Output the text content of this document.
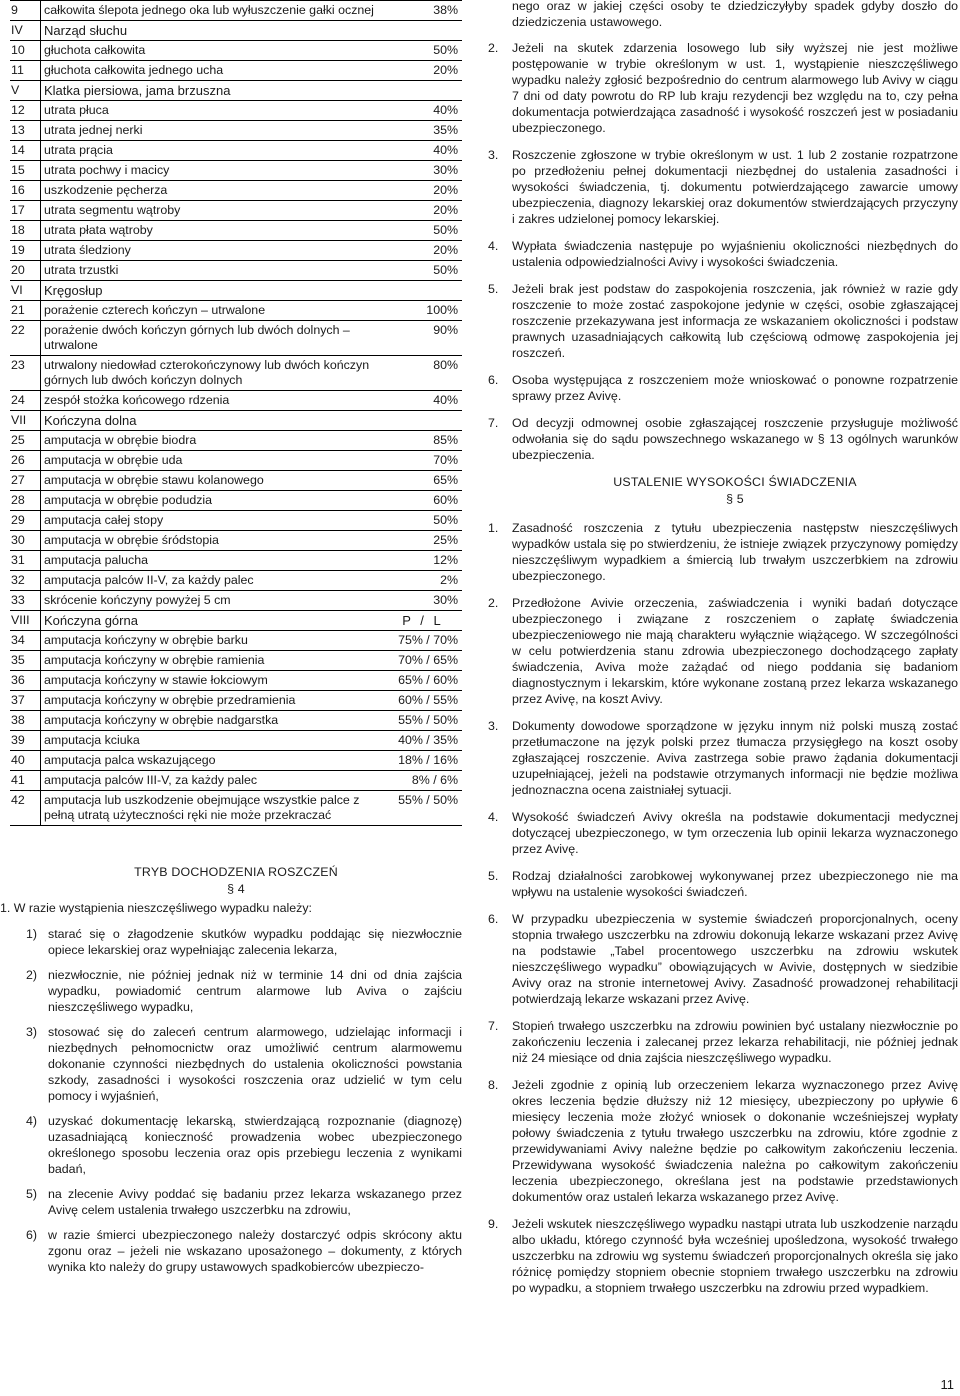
9	całkowita ślepota jednego oka lub wyłuszczenie gałki ocznej	38%
IV	Narząd słuchu	
10	głuchota całkowita	50%
11	głuchota całkowita jednego ucha	20%
V	Klatka piersiowa, jama brzuszna	
12	utrata płuca	40%
13	utrata jednej nerki	35%
14	utrata prącia	40%
15	utrata pochwy i macicy	30%
16	uszkodzenie pęcherza	20%
17	utrata segmentu wątroby	20%
18	utrata płata wątroby	50%
19	utrata śledziony	20%
20	utrata trzustki	50%
VI	Kręgosłup	
21	porażenie czterech kończyn – utrwalone	100%
22	porażenie dwóch kończyn górnych lub dwóch dolnych – utrwalone	90%
23	utrwalony niedowład czterokończynowy lub dwóch kończyn górnych lub dwóch kończyn dolnych	80%
24	zespół stożka końcowego rdzenia	40%
VII	Kończyna dolna	
25	amputacja w obrębie biodra	85%
26	amputacja w obrębie uda	70%
27	amputacja w obrębie stawu kolanowego	65%
28	amputacja w obrębie podudzia	60%
29	amputacja całej stopy	50%
30	amputacja w obrębie śródstopia	25%
31	amputacja palucha	12%
32	amputacja palców II-V, za każdy palec	2%
33	skrócenie kończyny powyżej 5 cm	30%
VIII	Kończyna górna	P / L
34	amputacja kończyny w obrębie barku	75% / 70%
35	amputacja kończyny w obrębie ramienia	70% / 65%
36	amputacja kończyny w stawie łokciowym	65% / 60%
37	amputacja kończyny w obrębie przedramienia	60% / 55%
38	amputacja kończyny w obrębie nadgarstka	55% / 50%
39	amputacja kciuka	40% / 35%
40	amputacja palca wskazującego	18% / 16%
41	amputacja palców III-V, za każdy palec	8% / 6%
42	amputacja lub uszkodzenie obejmujące wszystkie palce z pełną utratą użyteczności ręki nie może przekraczać	55% / 50%
TRYB DOCHODZENIA ROSZCZEŃ
§ 4
1. W razie wystąpienia nieszczęśliwego wypadku należy:
1) starać się o złagodzenie skutków wypadku poddając się niezwłocznie opiece lekarskiej oraz wypełniając zalecenia lekarza,
2) niezwłocznie, nie później jednak niż w terminie 14 dni od dnia zajścia wypadku, powiadomić centrum alarmowe lub Aviva o zajściu nieszczęśliwego wypadku,
3) stosować się do zaleceń centrum alarmowego, udzielając informacji i niezbędnych pełnomocnictw oraz umożliwić centrum alarmowemu dokonanie czynności niezbędnych do ustalenia okoliczności powstania szkody, zasadności i wysokości roszczenia oraz udzielić w tym celu pomocy i wyjaśnień,
4) uzyskać dokumentację lekarską, stwierdzającą rozpoznanie (diagnozę) uzasadniającą konieczność prowadzenia wobec ubezpieczonego określonego sposobu leczenia oraz opis przebiegu leczenia z wynikami badań,
5) na zlecenie Avivy poddać się badaniu przez lekarza wskazanego przez Avivę celem ustalenia trwałego uszczerbku na zdrowiu,
6) w razie śmierci ubezpieczonego należy dostarczyć odpis skrócony aktu zgonu oraz – jeżeli nie wskazano uposażonego – dokumenty, z których wynika kto należy do grupy ustawowych spadkobierców ubezpieczo-
nego oraz w jakiej części osoby te dziedziczyłyby spadek gdyby doszło do dziedziczenia ustawowego.
2. Jeżeli na skutek zdarzenia losowego lub siły wyższej nie jest możliwe postępowanie w trybie określonym w ust. 1, wystąpienie nieszczęśliwego wypadku należy zgłosić bezpośrednio do centrum alarmowego lub Avivy w ciągu 7 dni od daty powrotu do RP lub kraju rezydencji bez względu na to, czy pełna dokumentacja potwierdzająca zasadność i wysokość roszczeń jest w posiadaniu ubezpieczonego.
3. Roszczenie zgłoszone w trybie określonym w ust. 1 lub 2 zostanie rozpatrzone po przedłożeniu pełnej dokumentacji niezbędnej do ustalenia zasadności i wysokości świadczenia, tj. dokumentu potwierdzającego zawarcie umowy ubezpieczenia, diagnozy lekarskiej oraz dokumentów stwierdzających przyczyny i zakres udzielonej pomocy lekarskiej.
4. Wypłata świadczenia następuje po wyjaśnieniu okoliczności niezbędnych do ustalenia odpowiedzialności Avivy i wysokości świadczenia.
5. Jeżeli brak jest podstaw do zaspokojenia roszczenia, jak również w razie gdy roszczenie to może zostać zaspokojone jedynie w części, osobie zgłaszającej roszczenie przekazywana jest informacja ze wskazaniem okoliczności i podstaw prawnych uzasadniających całkowitą lub częściową odmowę zaspokojenia jej roszczeń.
6. Osoba występująca z roszczeniem może wnioskować o ponowne rozpatrzenie sprawy przez Avivę.
7. Od decyzji odmownej osobie zgłaszającej roszczenie przysługuje możliwość odwołania się do sądu powszechnego wskazanego w § 13 ogólnych warunków ubezpieczenia.
USTALENIE WYSOKOŚCI ŚWIADCZENIA
§ 5
1. Zasadność roszczenia z tytułu ubezpieczenia następstw nieszczęśliwych wypadków ustala się po stwierdzeniu, że istnieje związek przyczynowy pomiędzy nieszczęśliwym wypadkiem a śmiercią lub trwałym uszczerbkiem na zdrowiu ubezpieczonego.
2. Przedłożone Avivie orzeczenia, zaświadczenia i wyniki badań dotyczące ubezpieczonego i związane z roszczeniem o zapłatę świadczenia ubezpieczeniowego nie mają charakteru wyłącznie wiążącego. W szczególności w celu potwierdzenia stanu zdrowia ubezpieczonego dochodzącego zapłaty świadczenia, Aviva może zażądać od niego poddania się badaniom diagnostycznym i lekarskim, które wykonane zostaną przez lekarza wskazanego przez Avivę, na koszt Avivy.
3. Dokumenty dowodowe sporządzone w języku innym niż polski muszą zostać przetłumaczone na język polski przez tłumacza przysięgłego na koszt osoby zgłaszającej roszczenie. Aviva zastrzega sobie prawo żądania dokumentacji uzupełniającej, jeżeli na podstawie otrzymanych informacji nie będzie możliwa jednoznaczna ocena zaistniałej sytuacji.
4. Wysokość świadczeń Avivy określa na podstawie dokumentacji medycznej dotyczącej ubezpieczonego, w tym orzeczenia lub opinii lekarza wyznaczonego przez Avivę.
5. Rodzaj działalności zarobkowej wykonywanej przez ubezpieczonego nie ma wpływu na ustalenie wysokości świadczeń.
6. W przypadku ubezpieczenia w systemie świadczeń proporcjonalnych, oceny stopnia trwałego uszczerbku na zdrowiu dokonują lekarze wskazani przez Avivę na podstawie „Tabel procentowego uszczerbku na zdrowiu wskutek nieszczęśliwego wypadku” obowiązujących w Avivie, dostępnych w siedzibie Avivy oraz na stronie internetowej Avivy. Zasadność prowadzonej rehabilitacji potwierdzają lekarze wskazani przez Avivę.
7. Stopień trwałego uszczerbku na zdrowiu powinien być ustalany niezwłocznie po zakończeniu leczenia i zalecanej przez lekarza rehabilitacji, nie później jednak niż 24 miesiące od dnia zajścia nieszczęśliwego wypadku.
8. Jeżeli zgodnie z opinią lub orzeczeniem lekarza wyznaczonego przez Avivę okres leczenia będzie dłuższy niż 12 miesięcy, ubezpieczony po upływie 6 miesięcy leczenia może złożyć wniosek o dokonanie wcześniejszej wypłaty połowy świadczenia z tytułu trwałego uszczerbku na zdrowiu, które zgodnie z przewidywaniami Avivy należne będzie po całkowitym zakończeniu leczenia. Przewidywana wysokość świadczenia należna po całkowitym zakończeniu leczenia ubezpieczonego, określana jest na podstawie przedstawionych dokumentów oraz ustaleń lekarza wskazanego przez Avivę.
9. Jeżeli wskutek nieszczęśliwego wypadku nastąpi utrata lub uszkodzenie narządu albo układu, którego czynność była wcześniej upośledzona, wysokość trwałego uszczerbku na zdrowiu wg systemu świadczeń proporcjonalnych określa się jako różnicę pomiędzy stopniem obecnie stopniem trwałego uszczerbku na zdrowiu po wypadku, a stopniem trwałego uszczerbku na zdrowiu przed wypadkiem.
11
